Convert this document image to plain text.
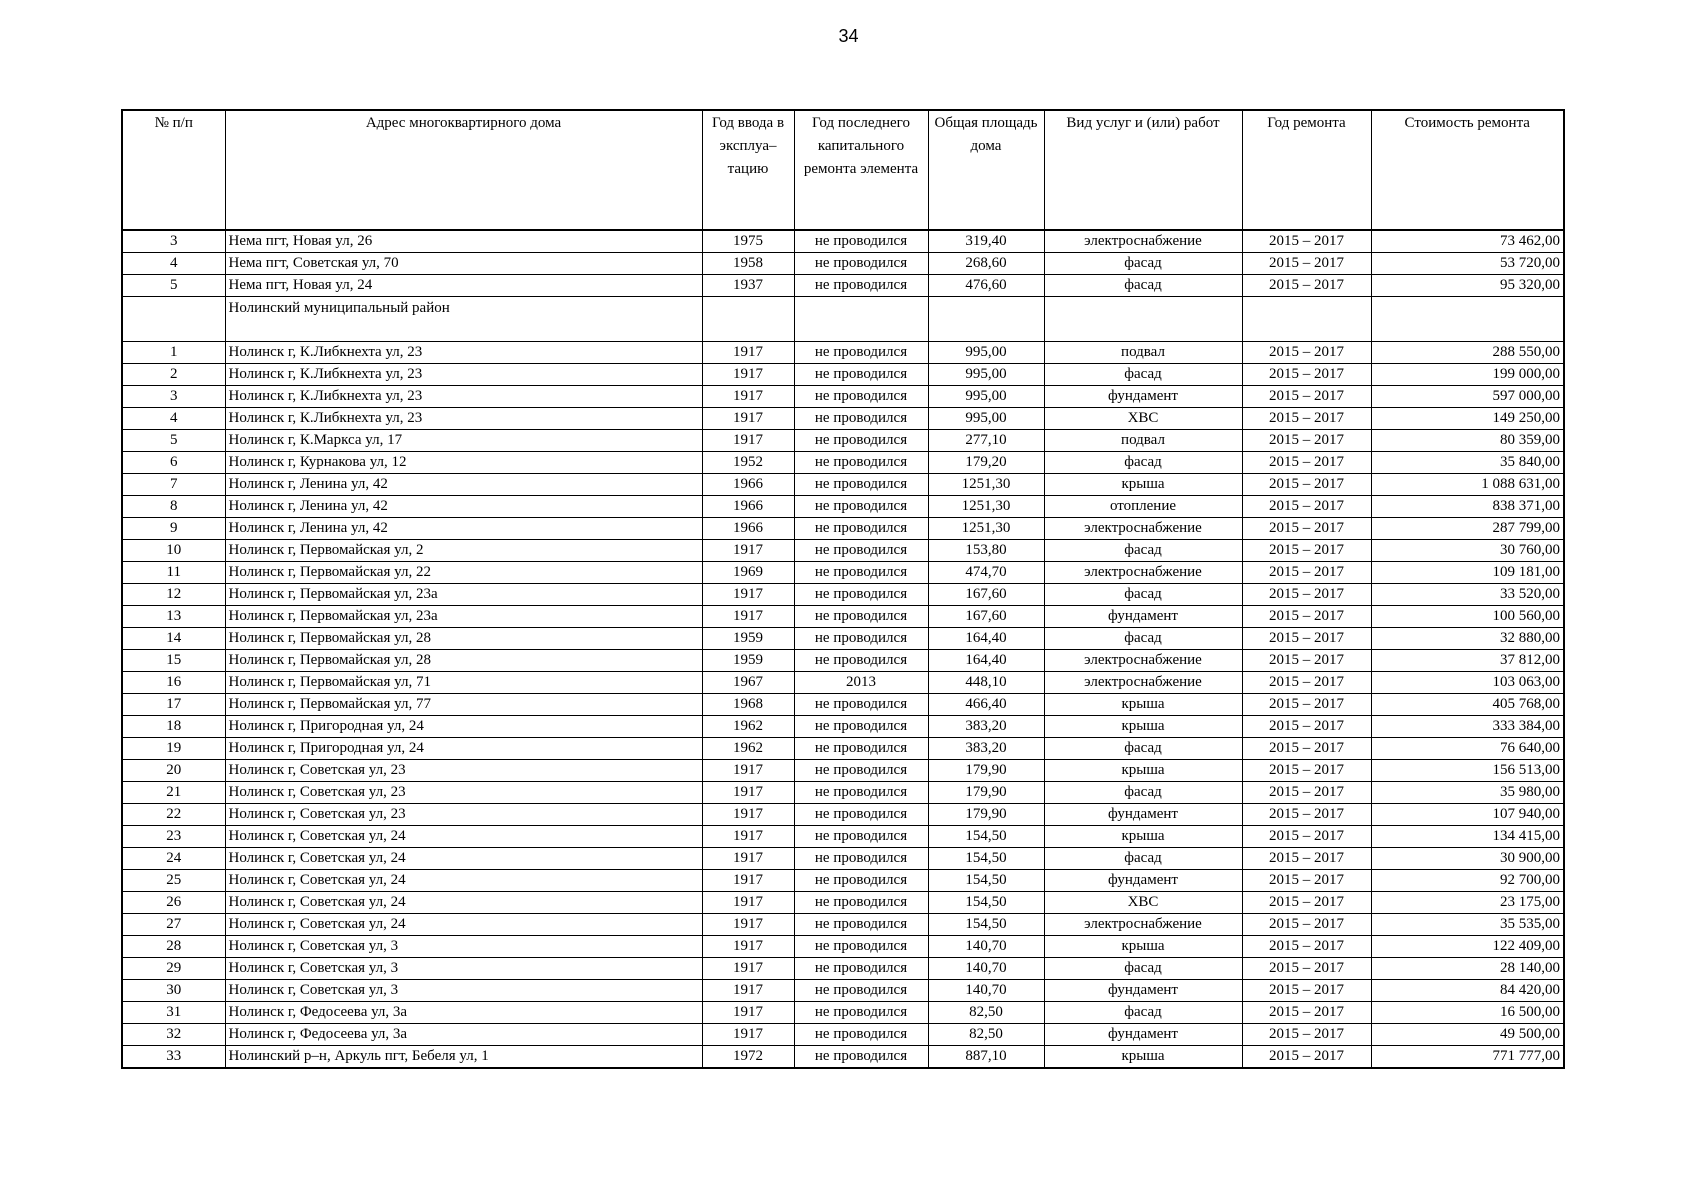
34
№ п/п	Адрес многоквартирного дома	Год ввода в эксплуа– тацию	Год последнего капитального ремонта элемента	Общая площадь дома	Вид услуг и (или) работ	Год ремонта	Стоимость ремонта
3	Нема пгт, Новая ул, 26	1975	не проводился	319,40	электроснабжение	2015 – 2017	73 462,00
4	Нема пгт, Советская ул, 70	1958	не проводился	268,60	фасад	2015 – 2017	53 720,00
5	Нема пгт, Новая ул, 24	1937	не проводился	476,60	фасад	2015 – 2017	95 320,00
	Нолинский муниципальный район						
1	Нолинск г, К.Либкнехта ул, 23	1917	не проводился	995,00	подвал	2015 – 2017	288 550,00
2	Нолинск г, К.Либкнехта ул, 23	1917	не проводился	995,00	фасад	2015 – 2017	199 000,00
3	Нолинск г, К.Либкнехта ул, 23	1917	не проводился	995,00	фундамент	2015 – 2017	597 000,00
4	Нолинск г, К.Либкнехта ул, 23	1917	не проводился	995,00	ХВС	2015 – 2017	149 250,00
5	Нолинск г, К.Маркса ул, 17	1917	не проводился	277,10	подвал	2015 – 2017	80 359,00
6	Нолинск г, Курнакова ул, 12	1952	не проводился	179,20	фасад	2015 – 2017	35 840,00
7	Нолинск г, Ленина ул, 42	1966	не проводился	1251,30	крыша	2015 – 2017	1 088 631,00
8	Нолинск г, Ленина ул, 42	1966	не проводился	1251,30	отопление	2015 – 2017	838 371,00
9	Нолинск г, Ленина ул, 42	1966	не проводился	1251,30	электроснабжение	2015 – 2017	287 799,00
10	Нолинск г, Первомайская ул, 2	1917	не проводился	153,80	фасад	2015 – 2017	30 760,00
11	Нолинск г, Первомайская ул, 22	1969	не проводился	474,70	электроснабжение	2015 – 2017	109 181,00
12	Нолинск г, Первомайская ул, 23а	1917	не проводился	167,60	фасад	2015 – 2017	33 520,00
13	Нолинск г, Первомайская ул, 23а	1917	не проводился	167,60	фундамент	2015 – 2017	100 560,00
14	Нолинск г, Первомайская ул, 28	1959	не проводился	164,40	фасад	2015 – 2017	32 880,00
15	Нолинск г, Первомайская ул, 28	1959	не проводился	164,40	электроснабжение	2015 – 2017	37 812,00
16	Нолинск г, Первомайская ул, 71	1967	2013	448,10	электроснабжение	2015 – 2017	103 063,00
17	Нолинск г, Первомайская ул, 77	1968	не проводился	466,40	крыша	2015 – 2017	405 768,00
18	Нолинск г, Пригородная ул, 24	1962	не проводился	383,20	крыша	2015 – 2017	333 384,00
19	Нолинск г, Пригородная ул, 24	1962	не проводился	383,20	фасад	2015 – 2017	76 640,00
20	Нолинск г, Советская ул, 23	1917	не проводился	179,90	крыша	2015 – 2017	156 513,00
21	Нолинск г, Советская ул, 23	1917	не проводился	179,90	фасад	2015 – 2017	35 980,00
22	Нолинск г, Советская ул, 23	1917	не проводился	179,90	фундамент	2015 – 2017	107 940,00
23	Нолинск г, Советская ул, 24	1917	не проводился	154,50	крыша	2015 – 2017	134 415,00
24	Нолинск г, Советская ул, 24	1917	не проводился	154,50	фасад	2015 – 2017	30 900,00
25	Нолинск г, Советская ул, 24	1917	не проводился	154,50	фундамент	2015 – 2017	92 700,00
26	Нолинск г, Советская ул, 24	1917	не проводился	154,50	ХВС	2015 – 2017	23 175,00
27	Нолинск г, Советская ул, 24	1917	не проводился	154,50	электроснабжение	2015 – 2017	35 535,00
28	Нолинск г, Советская ул, 3	1917	не проводился	140,70	крыша	2015 – 2017	122 409,00
29	Нолинск г, Советская ул, 3	1917	не проводился	140,70	фасад	2015 – 2017	28 140,00
30	Нолинск г, Советская ул, 3	1917	не проводился	140,70	фундамент	2015 – 2017	84 420,00
31	Нолинск г, Федосеева ул, 3а	1917	не проводился	82,50	фасад	2015 – 2017	16 500,00
32	Нолинск г, Федосеева ул, 3а	1917	не проводился	82,50	фундамент	2015 – 2017	49 500,00
33	Нолинский р–н, Аркуль пгт, Бебеля ул, 1	1972	не проводился	887,10	крыша	2015 – 2017	771 777,00
